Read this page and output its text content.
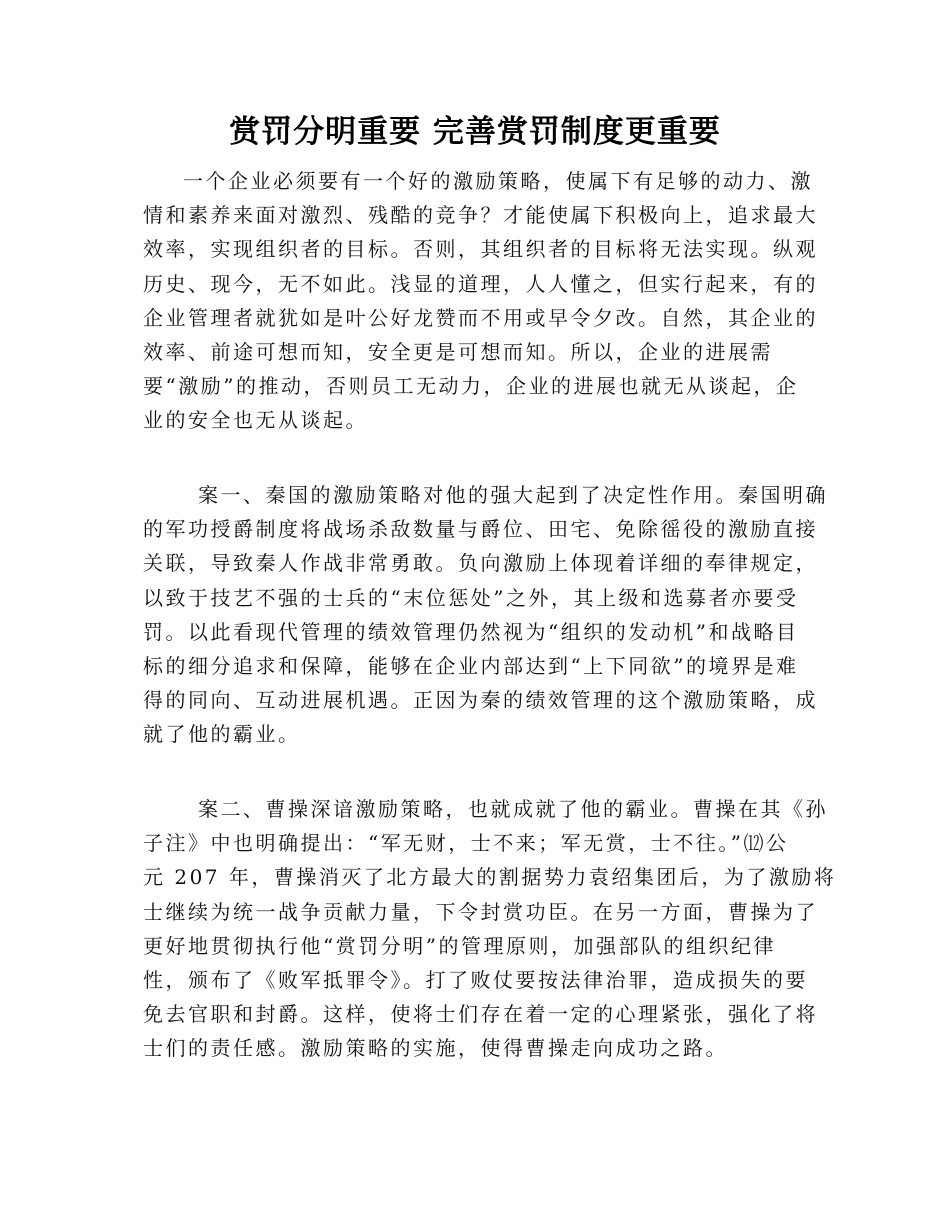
赏罚分明重要 完善赏罚制度更重要
一个企业必须要有一个好的激励策略，使属下有足够的动力、激
情和素养来面对激烈、残酷的竞争？才能使属下积极向上，追求最大
效率，实现组织者的目标。否则，其组织者的目标将无法实现。纵观
历史、现今，无不如此。浅显的道理，人人懂之，但实行起来，有的
企业管理者就犹如是叶公好龙赞而不用或早令夕改。自然，其企业的
效率、前途可想而知，安全更是可想而知。所以，企业的进展需
要“激励”的推动，否则员工无动力，企业的进展也就无从谈起，企
业的安全也无从谈起。
案一、秦国的激励策略对他的强大起到了决定性作用。秦国明确
的军功授爵制度将战场杀敌数量与爵位、田宅、免除徭役的激励直接
关联，导致秦人作战非常勇敢。负向激励上体现着详细的奉律规定，
以致于技艺不强的士兵的“末位惩处”之外，其上级和选募者亦要受
罚。以此看现代管理的绩效管理仍然视为“组织的发动机”和战略目
标的细分追求和保障，能够在企业内部达到“上下同欲”的境界是难
得的同向、互动进展机遇。正因为秦的绩效管理的这个激励策略，成
就了他的霸业。
案二、曹操深谙激励策略，也就成就了他的霸业。曹操在其《孙
子注》中也明确提出：“军无财，士不来；军无赏，士不往。”⑿公
元 207 年，曹操消灭了北方最大的割据势力袁绍集团后，为了激励将
士继续为统一战争贡献力量，下令封赏功臣。在另一方面，曹操为了
更好地贯彻执行他“赏罚分明”的管理原则，加强部队的组织纪律
性，颁布了《败军抵罪令》。打了败仗要按法律治罪，造成损失的要
免去官职和封爵。这样，使将士们存在着一定的心理紧张，强化了将
士们的责任感。激励策略的实施，使得曹操走向成功之路。
